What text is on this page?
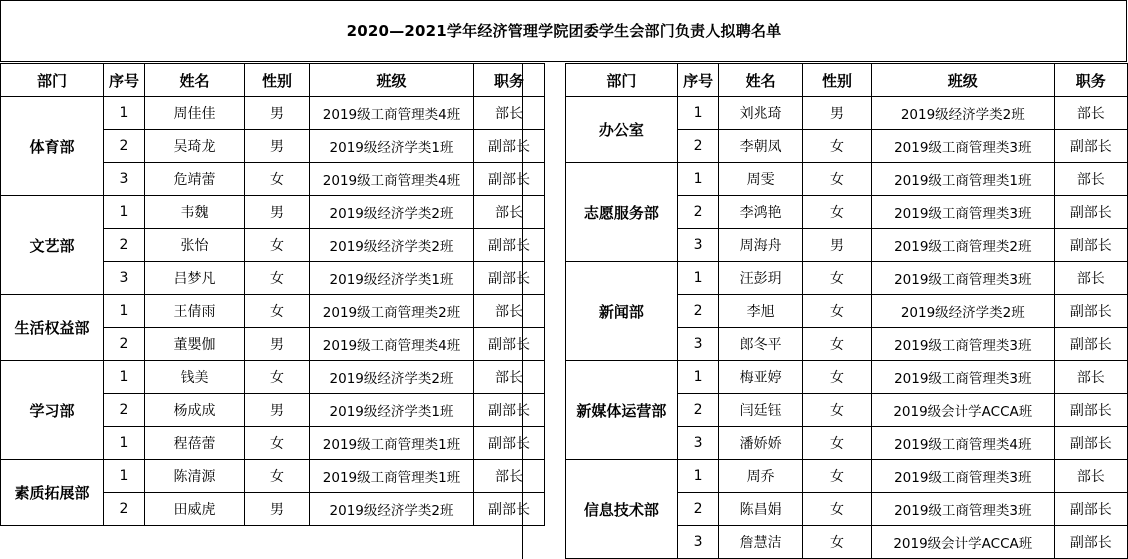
2020—2021学年经济管理学院团委学生会部门负责人拟聘名单
部门	序号	姓名	性别	班级	职务
体育部	1	周佳佳	男	2019级工商管理类4班	部长
	2	吴琦龙	男	2019级经济学类1班	副部长
	3	危靖蕾	女	2019级工商管理类4班	副部长
文艺部	1	韦魏	男	2019级经济学类2班	部长
	2	张怡	女	2019级经济学类2班	副部长
	3	吕梦凡	女	2019级经济学类1班	副部长
生活权益部	1	王倩雨	女	2019级工商管理类2班	部长
	2	董嬰伽	男	2019级工商管理类4班	副部长
学习部	1	钱美	女	2019级经济学类2班	部长
	2	杨成成	男	2019级经济学类1班	副部长
	1	程蓓蕾	女	2019级工商管理类1班	副部长
素质拓展部	1	陈清源	女	2019级工商管理类1班	部长
	2	田威虎	男	2019级经济学类2班	副部长

部门	序号	姓名	性别	班级	职务
办公室	1	刘兆琦	男	2019级经济学类2班	部长
	2	李朝凤	女	2019级工商管理类3班	副部长
志愿服务部	1	周雯	女	2019级工商管理类1班	部长
	2	李鸿艳	女	2019级工商管理类3班	副部长
	3	周海舟	男	2019级工商管理类2班	副部长
新闻部	1	汪彭玥	女	2019级工商管理类3班	部长
	2	李旭	女	2019级经济学类2班	副部长
	3	郎冬平	女	2019级工商管理类3班	副部长
新媒体运营部	1	梅亚婷	女	2019级工商管理类3班	部长
	2	闫廷钰	女	2019级会计学ACCA班	副部长
	3	潘娇娇	女	2019级工商管理类4班	副部长
信息技术部	1	周乔	女	2019级工商管理类3班	部长
	2	陈昌娟	女	2019级工商管理类3班	副部长
	3	詹慧洁	女	2019级会计学ACCA班	副部长
